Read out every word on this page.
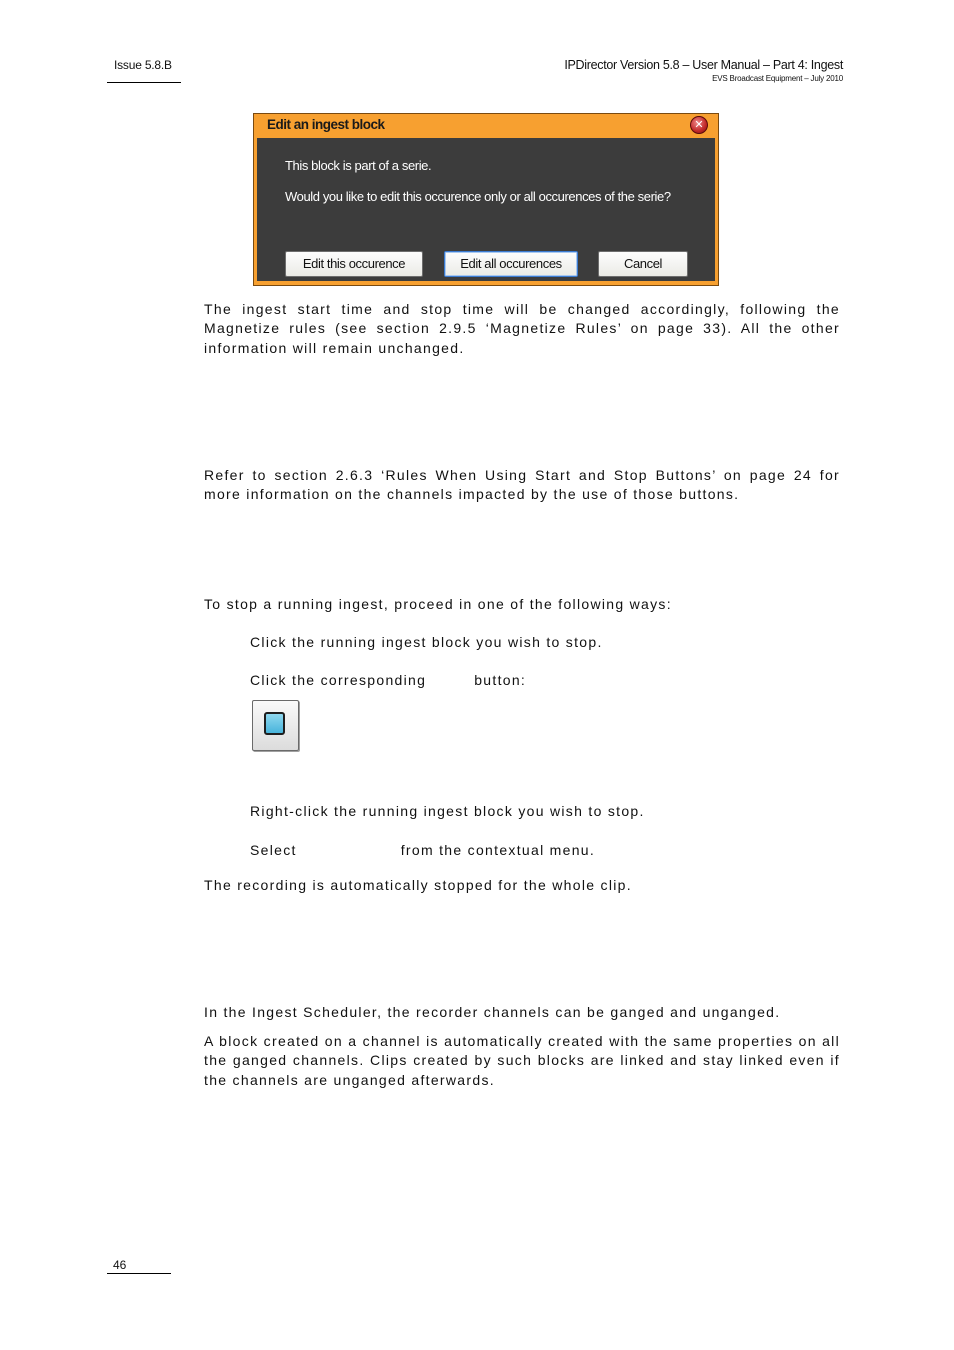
Issue 5.8.B	IPDirector Version 5.8 – User Manual – Part 4: Ingest
EVS Broadcast Equipment – July 2010
Edit an ingest block	✕
This block is part of a serie.
Would you like to edit this occurence only or all occurences of the serie?
Edit this occurence	Edit all occurences	Cancel
The ingest start time and stop time will be changed accordingly, following the Magnetize rules (see section 2.9.5 ‘Magnetize Rules’ on page 33). All the other information will remain unchanged.
Refer to section 2.6.3 ‘Rules When Using Start and Stop Buttons’ on page 24 for more information on the channels impacted by the use of those buttons.
To stop a running ingest, proceed in one of the following ways:
Click the running ingest block you wish to stop.
Click the corresponding	button:
Right-click the running ingest block you wish to stop.
Select	from the contextual menu.
The recording is automatically stopped for the whole clip.
In the Ingest Scheduler, the recorder channels can be ganged and unganged.
A block created on a channel is automatically created with the same properties on all the ganged channels. Clips created by such blocks are linked and stay linked even if the channels are unganged afterwards.
46
